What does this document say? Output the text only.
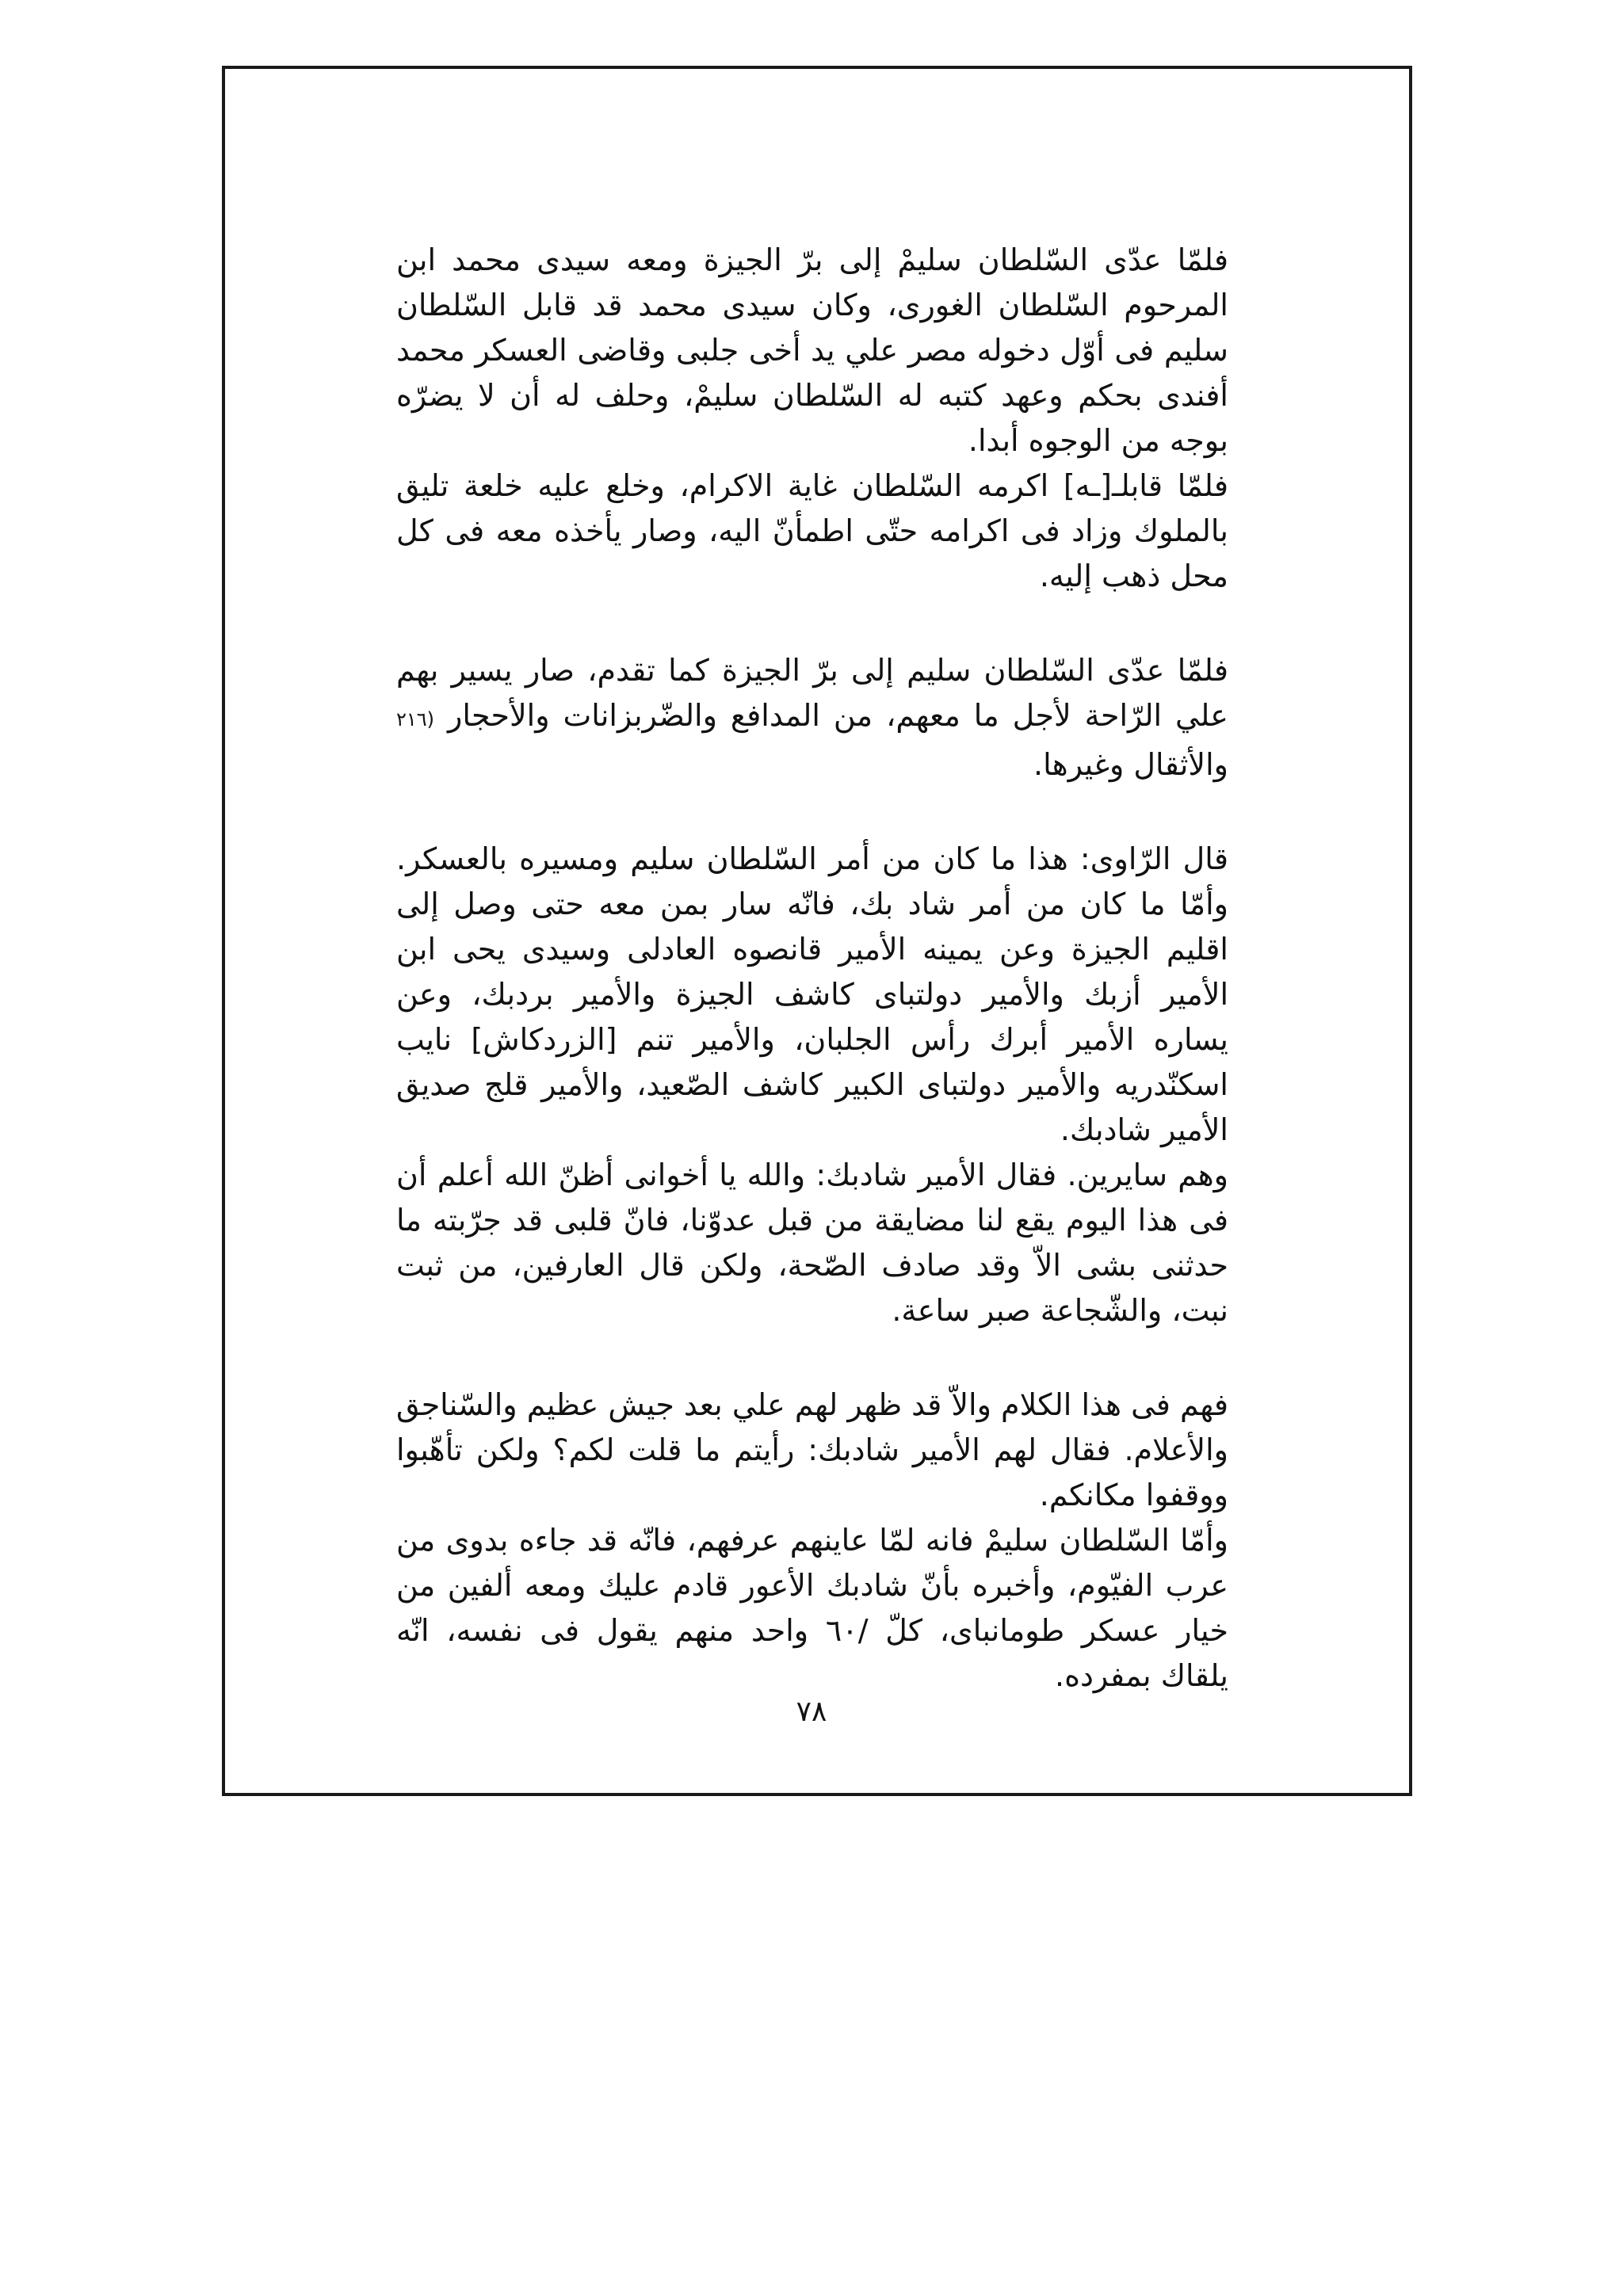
فلمّا عدّى السّلطان سليمْ إلى برّ الجيزة ومعه سيدى محمد ابن المرحوم السّلطان الغورى، وكان سيدى محمد قد قابل السّلطان سليم فى أوّل دخوله مصر علي يد أخى جلبى وقاضى العسكر محمد أفندى بحكم وعهد كتبه له السّلطان سليمْ، وحلف له أن لا يضرّه بوجه من الوجوه أبدا.

فلمّا قابلـ[ـه] اكرمه السّلطان غاية الاكرام، وخلع عليه خلعة تليق بالملوك وزاد فى اكرامه حتّى اطمأنّ اليه، وصار يأخذه معه فى كل محل ذهب إليه.

فلمّا عدّى السّلطان سليم إلى برّ الجيزة كما تقدم، صار يسير بهم علي الرّاحة لأجل ما معهم، من المدافع والضّربزانات والأحجار (٢١٦ والأثقال وغيرها.

قال الرّاوى: هذا ما كان من أمر السّلطان سليم ومسيره بالعسكر. وأمّا ما كان من أمر شاد بك، فانّه سار بمن معه حتى وصل إلى اقليم الجيزة وعن يمينه الأمير قانصوه العادلى وسيدى يحى ابن الأمير أزبك والأمير دولتباى كاشف الجيزة والأمير بردبك، وعن يساره الأمير أبرك رأس الجلبان، والأمير تنم [الزردكاش] نايب اسكنّدريه والأمير دولتباى الكبير كاشف الصّعيد، والأمير قلج صديق الأمير شادبك.

وهم سايرين. فقال الأمير شادبك: والله يا أخوانى أظنّ الله أعلم أن فى هذا اليوم يقع لنا مضايقة من قبل عدوّنا، فانّ قلبى قد جرّبته ما حدثنى بشى الاّ وقد صادف الصّحة، ولكن قال العارفين، من ثبت نبت، والشّجاعة صبر ساعة.

فهم فى هذا الكلام والاّ قد ظهر لهم علي بعد جيش عظيم والسّناجق والأعلام. فقال لهم الأمير شادبك: رأيتم ما قلت لكم؟ ولكن تأهّبوا ووقفوا مكانكم.

وأمّا السّلطان سليمْ فانه لمّا عاينهم عرفهم، فانّه قد جاءه بدوى من عرب الفيّوم، وأخبره بأنّ شادبك الأعور قادم عليك ومعه ألفين من خيار عسكر طومانباى، كلّ /٦٠ واحد منهم يقول فى نفسه، انّه يلقاك بمفرده.

٧٨
